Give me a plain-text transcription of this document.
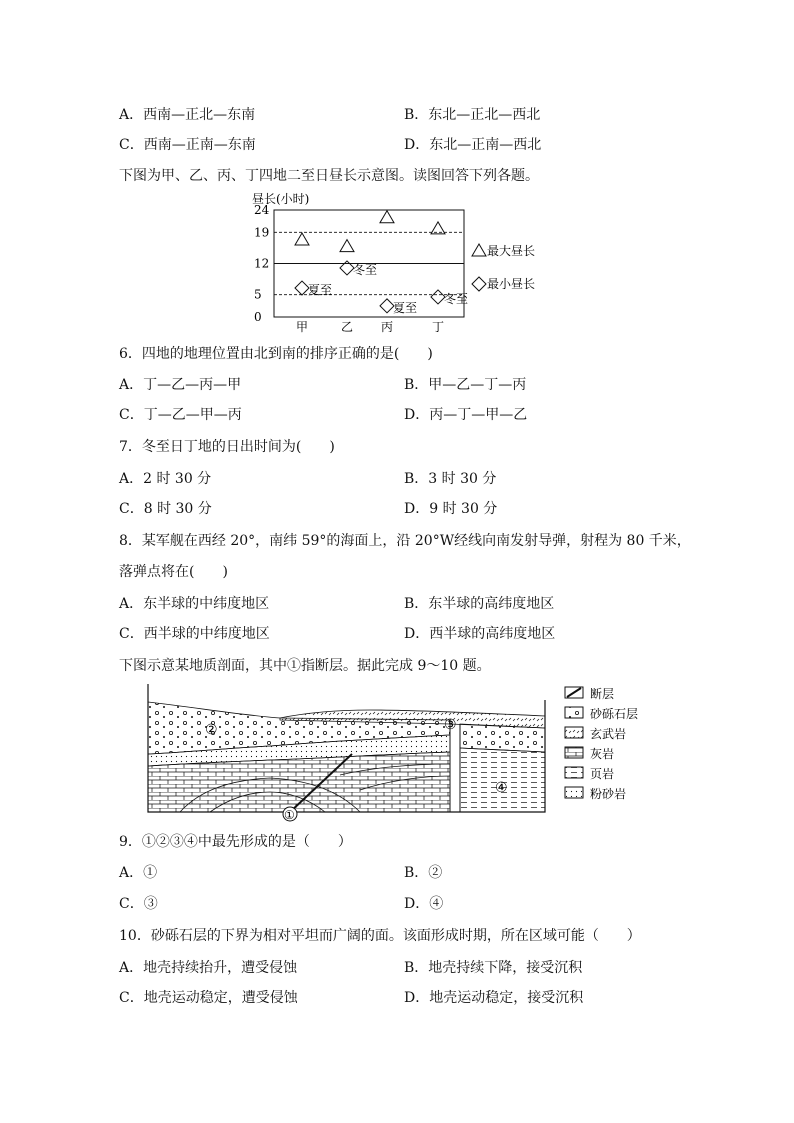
A．西南—正北—东南	B．东北—正北—西北
C．西南—正南—东南	D．东北—正南—西北
下图为甲、乙、丙、丁四地二至日昼长示意图。读图回答下列各题。
昼长(小时)
0
5
12
19
24
甲	乙 丙	丁
夏至
冬至
夏至
冬至
最大昼长
最小昼长
6．四地的地理位置由北到南的排序正确的是(　　)
A．丁—乙—丙—甲	B．甲—乙—丁—丙
C．丁—乙—甲—丙	D．丙—丁—甲—乙
7．冬至日丁地的日出时间为(　　)
A．2 时 30 分	B．3 时 30 分
C．8 时 30 分	D．9 时 30 分
8．某军舰在西经 20°，南纬 59°的海面上，沿 20°W经线向南发射导弹，射程为 80 千米，
落弹点将在(　　)
A．东半球的中纬度地区	B．东半球的高纬度地区
C．西半球的中纬度地区	D．西半球的高纬度地区
下图示意某地质剖面，其中①指断层。据此完成 9～10 题。
①
②	③
④
断层
砂砾石层
玄武岩
灰岩
页岩
粉砂岩
9．①②③④中最先形成的是（　　）
A．①	B．②
C．③	D．④
10．砂砾石层的下界为相对平坦而广阔的面。该面形成时期，所在区域可能（　　）
A．地壳持续抬升，遭受侵蚀	B．地壳持续下降，接受沉积
C．地壳运动稳定，遭受侵蚀	D．地壳运动稳定，接受沉积
